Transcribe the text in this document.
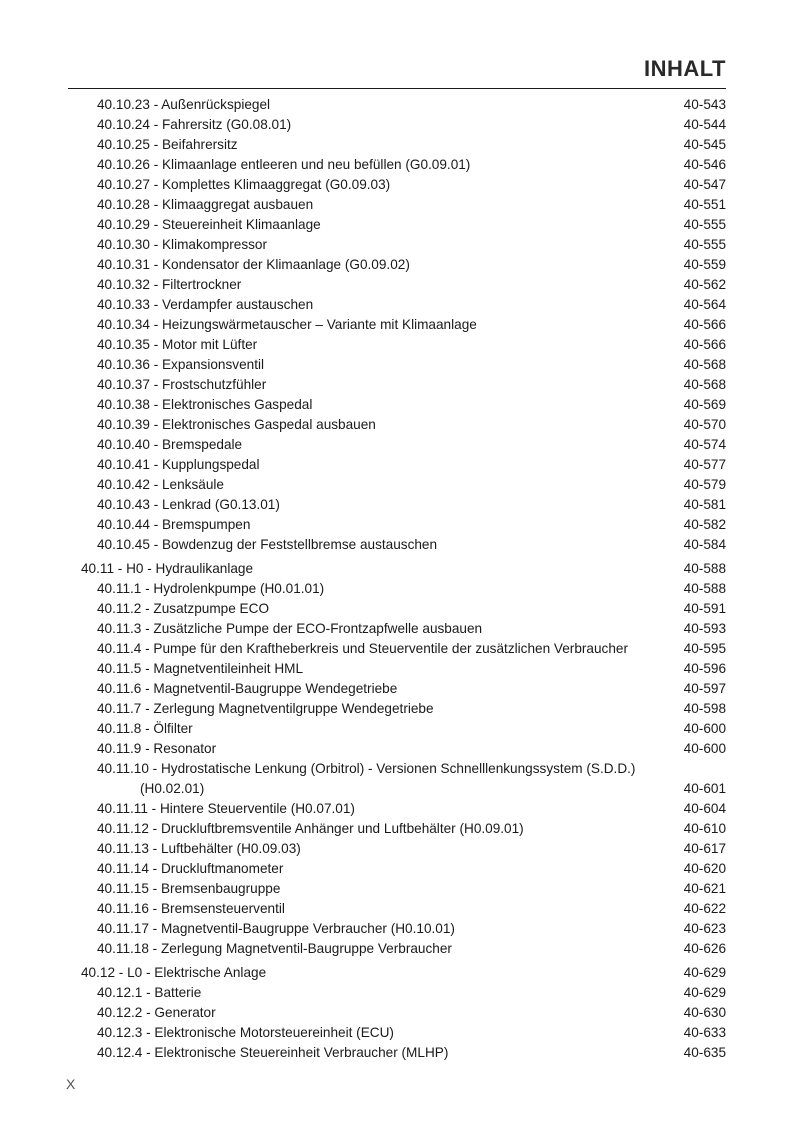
INHALT
40.10.23 - Außenrückspiegel	40-543
40.10.24 - Fahrersitz (G0.08.01)	40-544
40.10.25 - Beifahrersitz	40-545
40.10.26 - Klimaanlage entleeren und neu befüllen (G0.09.01)	40-546
40.10.27 - Komplettes Klimaaggregat (G0.09.03)	40-547
40.10.28 - Klimaaggregat ausbauen	40-551
40.10.29 - Steuereinheit Klimaanlage	40-555
40.10.30 - Klimakompressor	40-555
40.10.31 - Kondensator der Klimaanlage (G0.09.02)	40-559
40.10.32 - Filtertrockner	40-562
40.10.33 - Verdampfer austauschen	40-564
40.10.34 - Heizungswärmetauscher – Variante mit Klimaanlage	40-566
40.10.35 - Motor mit Lüfter	40-566
40.10.36 - Expansionsventil	40-568
40.10.37 - Frostschutzfühler	40-568
40.10.38 - Elektronisches Gaspedal	40-569
40.10.39 - Elektronisches Gaspedal ausbauen	40-570
40.10.40 - Bremspedale	40-574
40.10.41 - Kupplungspedal	40-577
40.10.42 - Lenksäule	40-579
40.10.43 - Lenkrad (G0.13.01)	40-581
40.10.44 - Bremspumpen	40-582
40.10.45 - Bowdenzug der Feststellbremse austauschen	40-584
40.11 - H0 - Hydraulikanlage	40-588
40.11.1 - Hydrolenkpumpe (H0.01.01)	40-588
40.11.2 - Zusatzpumpe ECO	40-591
40.11.3 - Zusätzliche Pumpe der ECO-Frontzapfwelle ausbauen	40-593
40.11.4 - Pumpe für den Kraftheberkreis und Steuerventile der zusätzlichen Verbraucher	40-595
40.11.5 - Magnetventileinheit HML	40-596
40.11.6 - Magnetventil-Baugruppe Wendegetriebe	40-597
40.11.7 - Zerlegung Magnetventilgruppe Wendegetriebe	40-598
40.11.8 - Ölfilter	40-600
40.11.9 - Resonator	40-600
40.11.10 - Hydrostatische Lenkung (Orbitrol) - Versionen Schnelllenkungssystem (S.D.D.)
(H0.02.01)	40-601
40.11.11 - Hintere Steuerventile (H0.07.01)	40-604
40.11.12 - Druckluftbremsventile Anhänger und Luftbehälter (H0.09.01)	40-610
40.11.13 - Luftbehälter (H0.09.03)	40-617
40.11.14 - Druckluftmanometer	40-620
40.11.15 - Bremsenbaugruppe	40-621
40.11.16 - Bremsensteuerventil	40-622
40.11.17 - Magnetventil-Baugruppe Verbraucher (H0.10.01)	40-623
40.11.18 - Zerlegung Magnetventil-Baugruppe Verbraucher	40-626
40.12 - L0 - Elektrische Anlage	40-629
40.12.1 - Batterie	40-629
40.12.2 - Generator	40-630
40.12.3 - Elektronische Motorsteuereinheit (ECU)	40-633
40.12.4 - Elektronische Steuereinheit Verbraucher (MLHP)	40-635
X
